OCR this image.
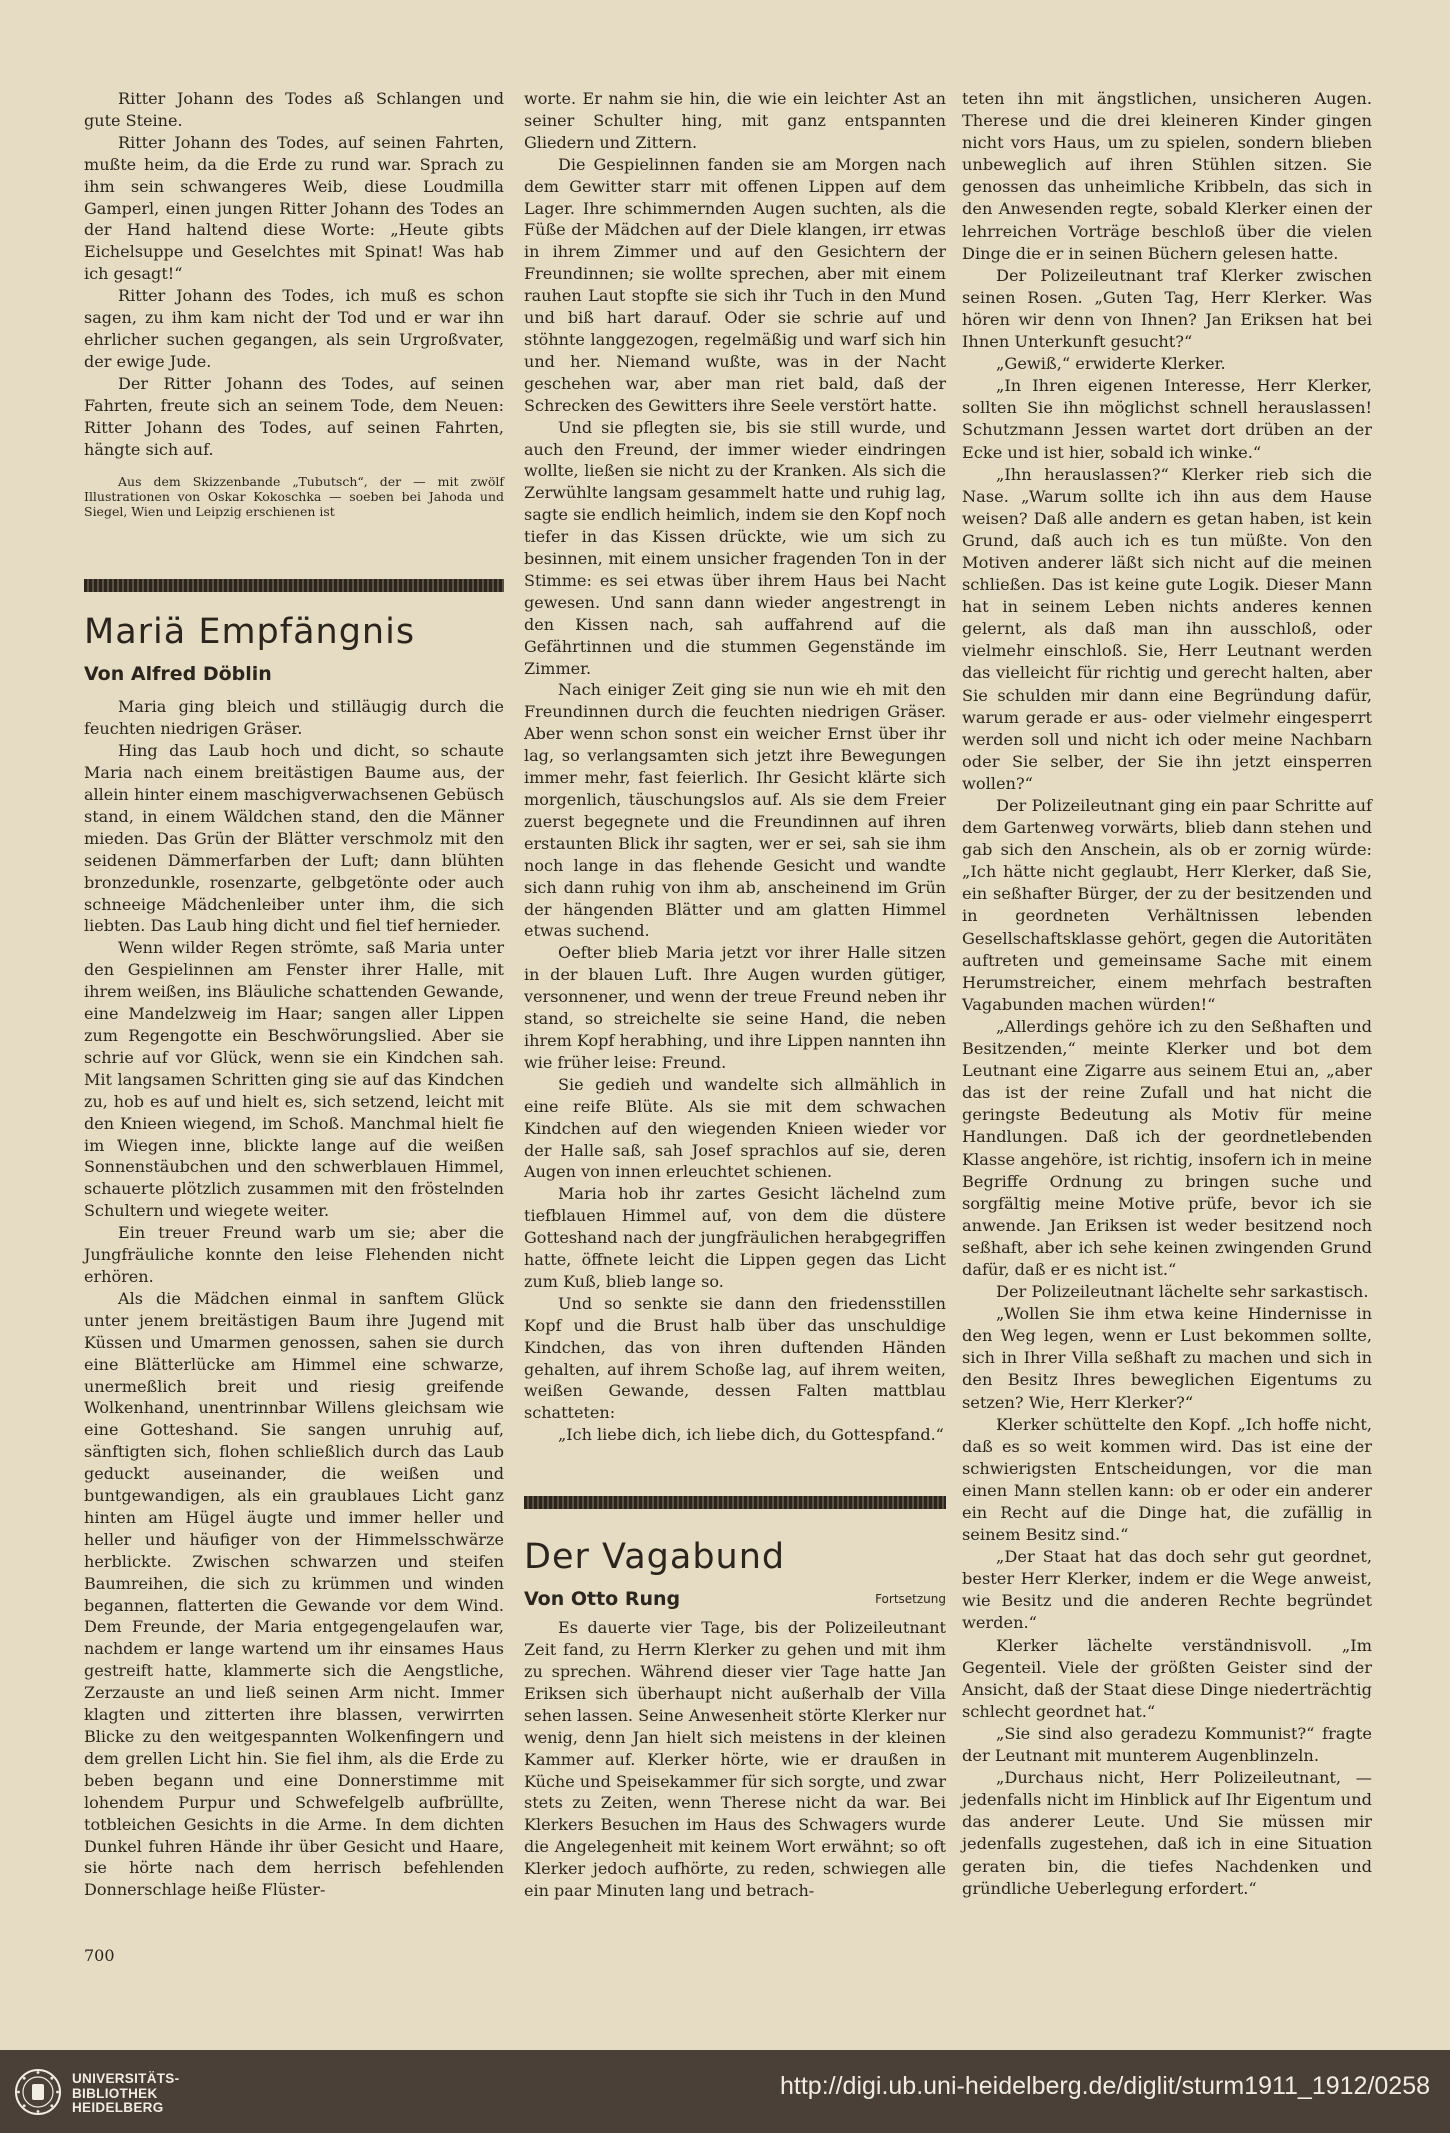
Ritter Johann des Todes aß Schlangen und gute Steine.

Ritter Johann des Todes, auf seinen Fahrten, mußte heim, da die Erde zu rund war. Sprach zu ihm sein schwangeres Weib, diese Loudmilla Gamperl, einen jungen Ritter Johann des Todes an der Hand haltend diese Worte: „Heute gibts Eichelsuppe und Geselchtes mit Spinat! Was hab ich gesagt!“

Ritter Johann des Todes, ich muß es schon sagen, zu ihm kam nicht der Tod und er war ihn ehrlicher suchen gegangen, als sein Urgroßvater, der ewige Jude.

Der Ritter Johann des Todes, auf seinen Fahrten, freute sich an seinem Tode, dem Neuen: Ritter Johann des Todes, auf seinen Fahrten, hängte sich auf.

Aus dem Skizzenbande „Tubutsch“, der — mit zwölf Illustrationen von Oskar Kokoschka — soeben bei Jahoda und Siegel, Wien und Leipzig erschienen ist

Mariä Empfängnis
Von Alfred Döblin

Maria ging bleich und stilläugig durch die feuchten niedrigen Gräser.

Hing das Laub hoch und dicht, so schaute Maria nach einem breitästigen Baume aus, der allein hinter einem maschigverwachsenen Gebüsch stand, in einem Wäldchen stand, den die Männer mieden. Das Grün der Blätter verschmolz mit den seidenen Dämmerfarben der Luft; dann blühten bronzedunkle, rosenzarte, gelbgetönte oder auch schneeige Mädchenleiber unter ihm, die sich liebten. Das Laub hing dicht und fiel tief hernieder.

Wenn wilder Regen strömte, saß Maria unter den Gespielinnen am Fenster ihrer Halle, mit ihrem weißen, ins Bläuliche schattenden Gewande, eine Mandelzweig im Haar; sangen aller Lippen zum Regengotte ein Beschwörungslied. Aber sie schrie auf vor Glück, wenn sie ein Kindchen sah. Mit langsamen Schritten ging sie auf das Kindchen zu, hob es auf und hielt es, sich setzend, leicht mit den Knieen wiegend, im Schoß. Manchmal hielt fie im Wiegen inne, blickte lange auf die weißen Sonnenstäubchen und den schwerblauen Himmel, schauerte plötzlich zusammen mit den fröstelnden Schultern und wiegete weiter.

Ein treuer Freund warb um sie; aber die Jungfräuliche konnte den leise Flehenden nicht erhören.

Als die Mädchen einmal in sanftem Glück unter jenem breitästigen Baum ihre Jugend mit Küssen und Umarmen genossen, sahen sie durch eine Blätterlücke am Himmel eine schwarze, unermeßlich breit und riesig greifende Wolkenhand, unentrinnbar Willens gleichsam wie eine Gotteshand. Sie sangen unruhig auf, sänftigten sich, flohen schließlich durch das Laub geduckt auseinander, die weißen und buntgewandigen, als ein graublaues Licht ganz hinten am Hügel äugte und immer heller und heller und häufiger von der Himmelsschwärze herblickte. Zwischen schwarzen und steifen Baumreihen, die sich zu krümmen und winden begannen, flatterten die Gewande vor dem Wind. Dem Freunde, der Maria entgegengelaufen war, nachdem er lange wartend um ihr einsames Haus gestreift hatte, klammerte sich die Aengstliche, Zerzauste an und ließ seinen Arm nicht. Immer klagten und zitterten ihre blassen, verwirrten Blicke zu den weitgespannten Wolkenfingern und dem grellen Licht hin. Sie fiel ihm, als die Erde zu beben begann und eine Donnerstimme mit lohendem Purpur und Schwefelgelb aufbrüllte, totbleichen Gesichts in die Arme. In dem dichten Dunkel fuhren Hände ihr über Gesicht und Haare, sie hörte nach dem herrisch befehlenden Donnerschlage heiße Flüster-

worte. Er nahm sie hin, die wie ein leichter Ast an seiner Schulter hing, mit ganz entspannten Gliedern und Zittern.

Die Gespielinnen fanden sie am Morgen nach dem Gewitter starr mit offenen Lippen auf dem Lager. Ihre schimmernden Augen suchten, als die Füße der Mädchen auf der Diele klangen, irr etwas in ihrem Zimmer und auf den Gesichtern der Freundinnen; sie wollte sprechen, aber mit einem rauhen Laut stopfte sie sich ihr Tuch in den Mund und biß hart darauf. Oder sie schrie auf und stöhnte langgezogen, regelmäßig und warf sich hin und her. Niemand wußte, was in der Nacht geschehen war, aber man riet bald, daß der Schrecken des Gewitters ihre Seele verstört hatte.

Und sie pflegten sie, bis sie still wurde, und auch den Freund, der immer wieder eindringen wollte, ließen sie nicht zu der Kranken. Als sich die Zerwühlte langsam gesammelt hatte und ruhig lag, sagte sie endlich heimlich, indem sie den Kopf noch tiefer in das Kissen drückte, wie um sich zu besinnen, mit einem unsicher fragenden Ton in der Stimme: es sei etwas über ihrem Haus bei Nacht gewesen. Und sann dann wieder angestrengt in den Kissen nach, sah auffahrend auf die Gefährtinnen und die stummen Gegenstände im Zimmer.

Nach einiger Zeit ging sie nun wie eh mit den Freundinnen durch die feuchten niedrigen Gräser. Aber wenn schon sonst ein weicher Ernst über ihr lag, so verlangsamten sich jetzt ihre Bewegungen immer mehr, fast feierlich. Ihr Gesicht klärte sich morgenlich, täuschungslos auf. Als sie dem Freier zuerst begegnete und die Freundinnen auf ihren erstaunten Blick ihr sagten, wer er sei, sah sie ihm noch lange in das flehende Gesicht und wandte sich dann ruhig von ihm ab, anscheinend im Grün der hängenden Blätter und am glatten Himmel etwas suchend.

Oefter blieb Maria jetzt vor ihrer Halle sitzen in der blauen Luft. Ihre Augen wurden gütiger, versonnener, und wenn der treue Freund neben ihr stand, so streichelte sie seine Hand, die neben ihrem Kopf herabhing, und ihre Lippen nannten ihn wie früher leise: Freund.

Sie gedieh und wandelte sich allmählich in eine reife Blüte. Als sie mit dem schwachen Kindchen auf den wiegenden Knieen wieder vor der Halle saß, sah Josef sprachlos auf sie, deren Augen von innen erleuchtet schienen.

Maria hob ihr zartes Gesicht lächelnd zum tiefblauen Himmel auf, von dem die düstere Gotteshand nach der jungfräulichen herabgegriffen hatte, öffnete leicht die Lippen gegen das Licht zum Kuß, blieb lange so.

Und so senkte sie dann den friedensstillen Kopf und die Brust halb über das unschuldige Kindchen, das von ihren duftenden Händen gehalten, auf ihrem Schoße lag, auf ihrem weiten, weißen Gewande, dessen Falten mattblau schatteten:

„Ich liebe dich, ich liebe dich, du Gottespfand.“

Der Vagabund
Von Otto Rung	Fortsetzung

Es dauerte vier Tage, bis der Polizeileutnant Zeit fand, zu Herrn Klerker zu gehen und mit ihm zu sprechen. Während dieser vier Tage hatte Jan Eriksen sich überhaupt nicht außerhalb der Villa sehen lassen. Seine Anwesenheit störte Klerker nur wenig, denn Jan hielt sich meistens in der kleinen Kammer auf. Klerker hörte, wie er draußen in Küche und Speisekammer für sich sorgte, und zwar stets zu Zeiten, wenn Therese nicht da war. Bei Klerkers Besuchen im Haus des Schwagers wurde die Angelegenheit mit keinem Wort erwähnt; so oft Klerker jedoch aufhörte, zu reden, schwiegen alle ein paar Minuten lang und betrach-

teten ihn mit ängstlichen, unsicheren Augen. Therese und die drei kleineren Kinder gingen nicht vors Haus, um zu spielen, sondern blieben unbeweglich auf ihren Stühlen sitzen. Sie genossen das unheimliche Kribbeln, das sich in den Anwesenden regte, sobald Klerker einen der lehrreichen Vorträge beschloß über die vielen Dinge die er in seinen Büchern gelesen hatte.

Der Polizeileutnant traf Klerker zwischen seinen Rosen. „Guten Tag, Herr Klerker. Was hören wir denn von Ihnen? Jan Eriksen hat bei Ihnen Unterkunft gesucht?“

„Gewiß,“ erwiderte Klerker.

„In Ihren eigenen Interesse, Herr Klerker, sollten Sie ihn möglichst schnell herauslassen! Schutzmann Jessen wartet dort drüben an der Ecke und ist hier, sobald ich winke.“

„Ihn herauslassen?“ Klerker rieb sich die Nase. „Warum sollte ich ihn aus dem Hause weisen? Daß alle andern es getan haben, ist kein Grund, daß auch ich es tun müßte. Von den Motiven anderer läßt sich nicht auf die meinen schließen. Das ist keine gute Logik. Dieser Mann hat in seinem Leben nichts anderes kennen gelernt, als daß man ihn ausschloß, oder vielmehr einschloß. Sie, Herr Leutnant werden das vielleicht für richtig und gerecht halten, aber Sie schulden mir dann eine Begründung dafür, warum gerade er aus- oder vielmehr eingesperrt werden soll und nicht ich oder meine Nachbarn oder Sie selber, der Sie ihn jetzt einsperren wollen?“

Der Polizeileutnant ging ein paar Schritte auf dem Gartenweg vorwärts, blieb dann stehen und gab sich den Anschein, als ob er zornig würde: „Ich hätte nicht geglaubt, Herr Klerker, daß Sie, ein seßhafter Bürger, der zu der besitzenden und in geordneten Verhältnissen lebenden Gesellschaftsklasse gehört, gegen die Autoritäten auftreten und gemeinsame Sache mit einem Herumstreicher, einem mehrfach bestraften Vagabunden machen würden!“

„Allerdings gehöre ich zu den Seßhaften und Besitzenden,“ meinte Klerker und bot dem Leutnant eine Zigarre aus seinem Etui an, „aber das ist der reine Zufall und hat nicht die geringste Bedeutung als Motiv für meine Handlungen. Daß ich der geordnetlebenden Klasse angehöre, ist richtig, insofern ich in meine Begriffe Ordnung zu bringen suche und sorgfältig meine Motive prüfe, bevor ich sie anwende. Jan Eriksen ist weder besitzend noch seßhaft, aber ich sehe keinen zwingenden Grund dafür, daß er es nicht ist.“

Der Polizeileutnant lächelte sehr sarkastisch.

„Wollen Sie ihm etwa keine Hindernisse in den Weg legen, wenn er Lust bekommen sollte, sich in Ihrer Villa seßhaft zu machen und sich in den Besitz Ihres beweglichen Eigentums zu setzen? Wie, Herr Klerker?“

Klerker schüttelte den Kopf. „Ich hoffe nicht, daß es so weit kommen wird. Das ist eine der schwierigsten Entscheidungen, vor die man einen Mann stellen kann: ob er oder ein anderer ein Recht auf die Dinge hat, die zufällig in seinem Besitz sind.“

„Der Staat hat das doch sehr gut geordnet, bester Herr Klerker, indem er die Wege anweist, wie Besitz und die anderen Rechte begründet werden.“

Klerker lächelte verständnisvoll. „Im Gegenteil. Viele der größten Geister sind der Ansicht, daß der Staat diese Dinge niederträchtig schlecht geordnet hat.“

„Sie sind also geradezu Kommunist?“ fragte der Leutnant mit munterem Augenblinzeln.

„Durchaus nicht, Herr Polizeileutnant, — jedenfalls nicht im Hinblick auf Ihr Eigentum und das anderer Leute. Und Sie müssen mir jedenfalls zugestehen, daß ich in eine Situation geraten bin, die tiefes Nachdenken und gründliche Ueberlegung erfordert.“

700
UNIVERSITÄTS-
BIBLIOTHEK
HEIDELBERG
http://digi.ub.uni-heidelberg.de/diglit/sturm1911_1912/0258
